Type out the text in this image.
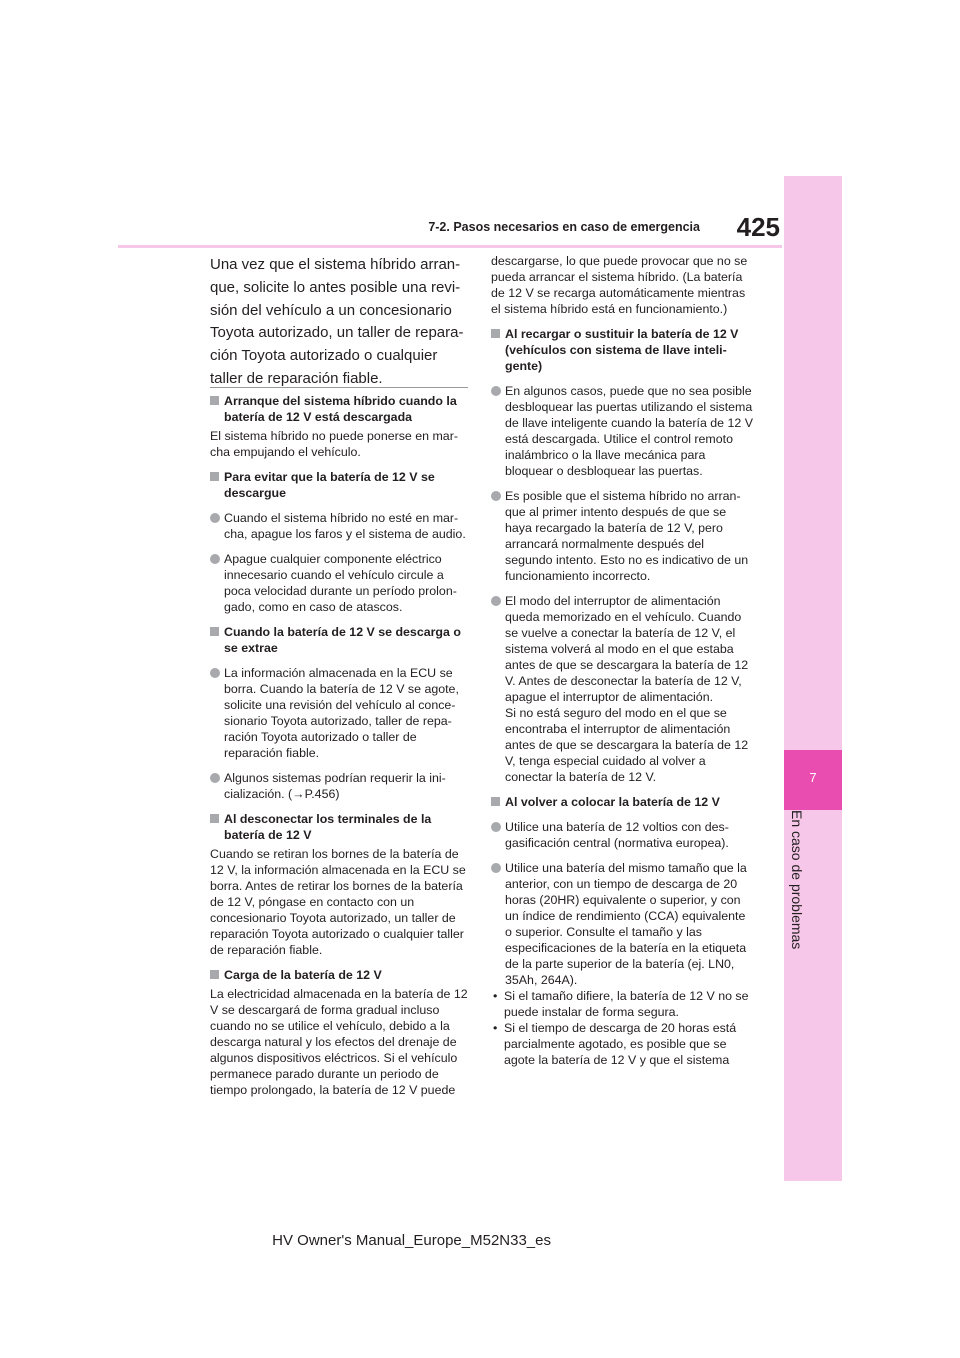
7
En caso de problemas
7-2. Pasos necesarios en caso de emergencia	425
Una vez que el sistema híbrido arranque, solicite lo antes posible una revisión del vehículo a un concesionario Toyota autorizado, un taller de reparación Toyota autorizado o cualquier taller de reparación fiable.
Arranque del sistema híbrido cuando la batería de 12 V está descargada
El sistema híbrido no puede ponerse en marcha empujando el vehículo.
Para evitar que la batería de 12 V se descargue
Cuando el sistema híbrido no esté en marcha, apague los faros y el sistema de audio.
Apague cualquier componente eléctrico innecesario cuando el vehículo circule a poca velocidad durante un período prolongado, como en caso de atascos.
Cuando la batería de 12 V se descarga o se extrae
La información almacenada en la ECU se borra. Cuando la batería de 12 V se agote, solicite una revisión del vehículo al concesionario Toyota autorizado, taller de reparación Toyota autorizado o taller de reparación fiable.
Algunos sistemas podrían requerir la inicialización. (→P.456)
Al desconectar los terminales de la batería de 12 V
Cuando se retiran los bornes de la batería de 12 V, la información almacenada en la ECU se borra. Antes de retirar los bornes de la batería de 12 V, póngase en contacto con un concesionario Toyota autorizado, un taller de reparación Toyota autorizado o cualquier taller de reparación fiable.
Carga de la batería de 12 V
La electricidad almacenada en la batería de 12 V se descargará de forma gradual incluso cuando no se utilice el vehículo, debido a la descarga natural y los efectos del drenaje de algunos dispositivos eléctricos. Si el vehículo permanece parado durante un periodo de tiempo prolongado, la batería de 12 V puede
descargarse, lo que puede provocar que no se pueda arrancar el sistema híbrido. (La batería de 12 V se recarga automáticamente mientras el sistema híbrido está en funcionamiento.)
Al recargar o sustituir la batería de 12 V (vehículos con sistema de llave inteligente)
En algunos casos, puede que no sea posible desbloquear las puertas utilizando el sistema de llave inteligente cuando la batería de 12 V está descargada. Utilice el control remoto inalámbrico o la llave mecánica para bloquear o desbloquear las puertas.
Es posible que el sistema híbrido no arranque al primer intento después de que se haya recargado la batería de 12 V, pero arrancará normalmente después del segundo intento. Esto no es indicativo de un funcionamiento incorrecto.
El modo del interruptor de alimentación queda memorizado en el vehículo. Cuando se vuelve a conectar la batería de 12 V, el sistema volverá al modo en el que estaba antes de que se descargara la batería de 12 V. Antes de desconectar la batería de 12 V, apague el interruptor de alimentación.
Si no está seguro del modo en el que se encontraba el interruptor de alimentación antes de que se descargara la batería de 12 V, tenga especial cuidado al volver a conectar la batería de 12 V.
Al volver a colocar la batería de 12 V
Utilice una batería de 12 voltios con desgasificación central (normativa europea).
Utilice una batería del mismo tamaño que la anterior, con un tiempo de descarga de 20 horas (20HR) equivalente o superior, y con un índice de rendimiento (CCA) equivalente o superior. Consulte el tamaño y las especificaciones de la batería en la etiqueta de la parte superior de la batería (ej. LN0, 35Ah, 264A).
• Si el tamaño difiere, la batería de 12 V no se puede instalar de forma segura.
• Si el tiempo de descarga de 20 horas está parcialmente agotado, es posible que se agote la batería de 12 V y que el sistema
HV Owner's Manual_Europe_M52N33_es
